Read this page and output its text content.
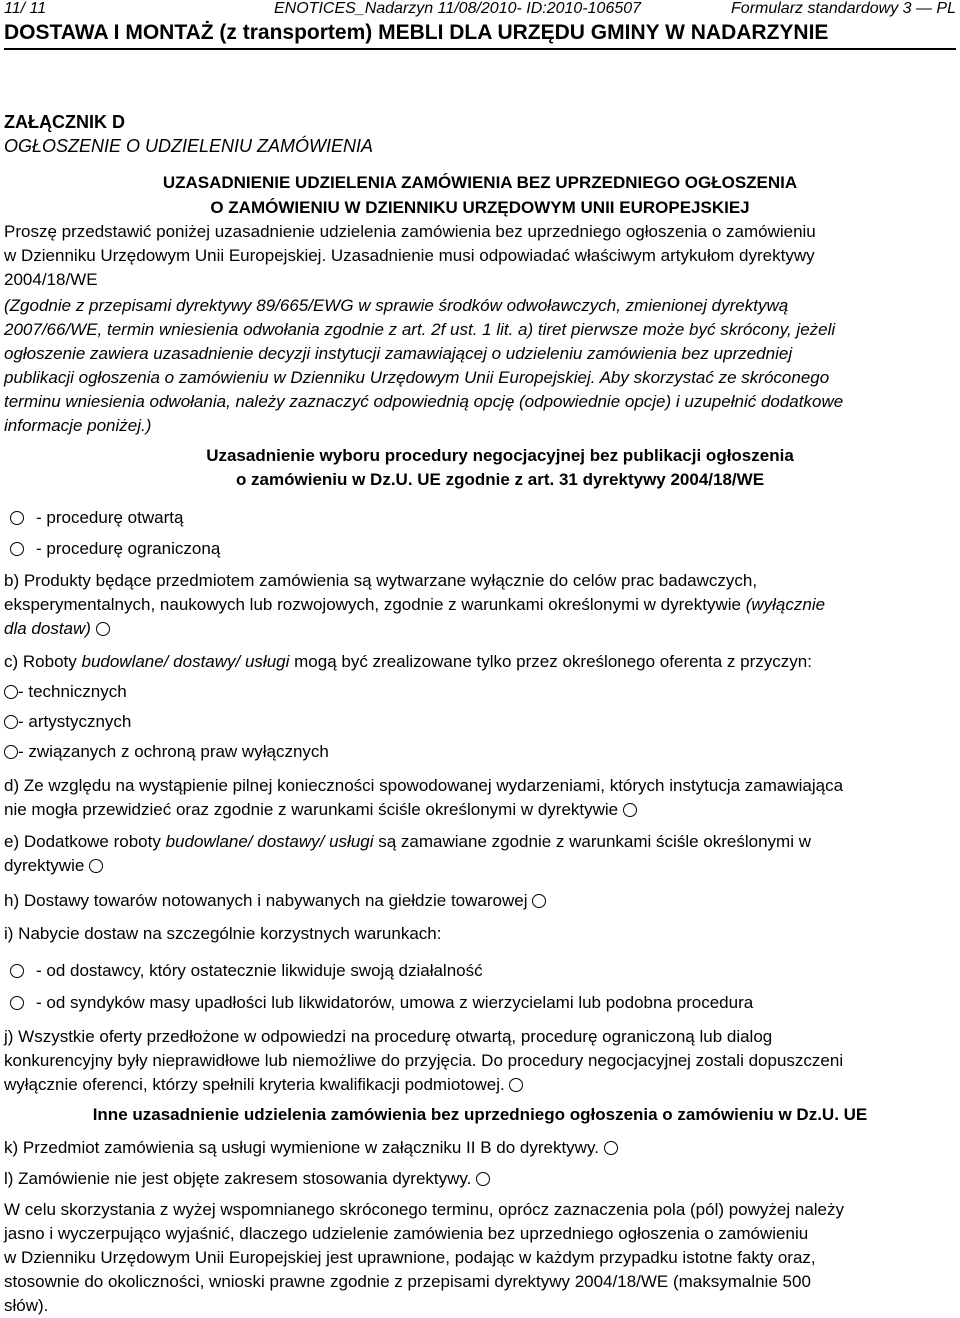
11/ 11	ENOTICES_Nadarzyn 11/08/2010- ID:2010-106507	Formularz standardowy 3 — PL
DOSTAWA I MONTAŻ (z transportem) MEBLI DLA URZĘDU GMINY W NADARZYNIE
ZAŁĄCZNIK D
OGŁOSZENIE O UDZIELENIU ZAMÓWIENIA
UZASADNIENIE UDZIELENIA ZAMÓWIENIA BEZ UPRZEDNIEGO OGŁOSZENIA
O ZAMÓWIENIU W DZIENNIKU URZĘDOWYM UNII EUROPEJSKIEJ
Proszę przedstawić poniżej uzasadnienie udzielenia zamówienia bez uprzedniego ogłoszenia o zamówieniu
w Dzienniku Urzędowym Unii Europejskiej. Uzasadnienie musi odpowiadać właściwym artykułom dyrektywy
2004/18/WE
(Zgodnie z przepisami dyrektywy 89/665/EWG w sprawie środków odwoławczych, zmienionej dyrektywą
2007/66/WE, termin wniesienia odwołania zgodnie z art. 2f ust. 1 lit. a) tiret pierwsze może być skrócony, jeżeli
ogłoszenie zawiera uzasadnienie decyzji instytucji zamawiającej o udzieleniu zamówienia bez uprzedniej
publikacji ogłoszenia o zamówieniu w Dzienniku Urzędowym Unii Europejskiej. Aby skorzystać ze skróconego
terminu wniesienia odwołania, należy zaznaczyć odpowiednią opcję (odpowiednie opcje) i uzupełnić dodatkowe
informacje poniżej.)
Uzasadnienie wyboru procedury negocjacyjnej bez publikacji ogłoszenia
o zamówieniu w Dz.U. UE zgodnie z art. 31 dyrektywy 2004/18/WE
- procedurę otwartą
- procedurę ograniczoną
b) Produkty będące przedmiotem zamówienia są wytwarzane wyłącznie do celów prac badawczych,
eksperymentalnych, naukowych lub rozwojowych, zgodnie z warunkami określonymi w dyrektywie (wyłącznie
dla dostaw)
c) Roboty budowlane/ dostawy/ usługi mogą być zrealizowane tylko przez określonego oferenta z przyczyn:
- technicznych
- artystycznych
- związanych z ochroną praw wyłącznych
d) Ze względu na wystąpienie pilnej konieczności spowodowanej wydarzeniami, których instytucja zamawiająca
nie mogła przewidzieć oraz zgodnie z warunkami ściśle określonymi w dyrektywie
e) Dodatkowe roboty budowlane/ dostawy/ usługi są zamawiane zgodnie z warunkami ściśle określonymi w
dyrektywie
h) Dostawy towarów notowanych i nabywanych na giełdzie towarowej
i) Nabycie dostaw na szczególnie korzystnych warunkach:
- od dostawcy, który ostatecznie likwiduje swoją działalność
- od syndyków masy upadłości lub likwidatorów, umowa z wierzycielami lub podobna procedura
j) Wszystkie oferty przedłożone w odpowiedzi na procedurę otwartą, procedurę ograniczoną lub dialog
konkurencyjny były nieprawidłowe lub niemożliwe do przyjęcia. Do procedury negocjacyjnej zostali dopuszczeni
wyłącznie oferenci, którzy spełnili kryteria kwalifikacji podmiotowej.
Inne uzasadnienie udzielenia zamówienia bez uprzedniego ogłoszenia o zamówieniu w Dz.U. UE
k) Przedmiot zamówienia są usługi wymienione w załączniku II B do dyrektywy.
l) Zamówienie nie jest objęte zakresem stosowania dyrektywy.
W celu skorzystania z wyżej wspomnianego skróconego terminu, oprócz zaznaczenia pola (pól) powyżej należy
jasno i wyczerpująco wyjaśnić, dlaczego udzielenie zamówienia bez uprzedniego ogłoszenia o zamówieniu
w Dzienniku Urzędowym Unii Europejskiej jest uprawnione, podając w każdym przypadku istotne fakty oraz,
stosownie do okoliczności, wnioski prawne zgodnie z przepisami dyrektywy 2004/18/WE (maksymalnie 500
słów).
